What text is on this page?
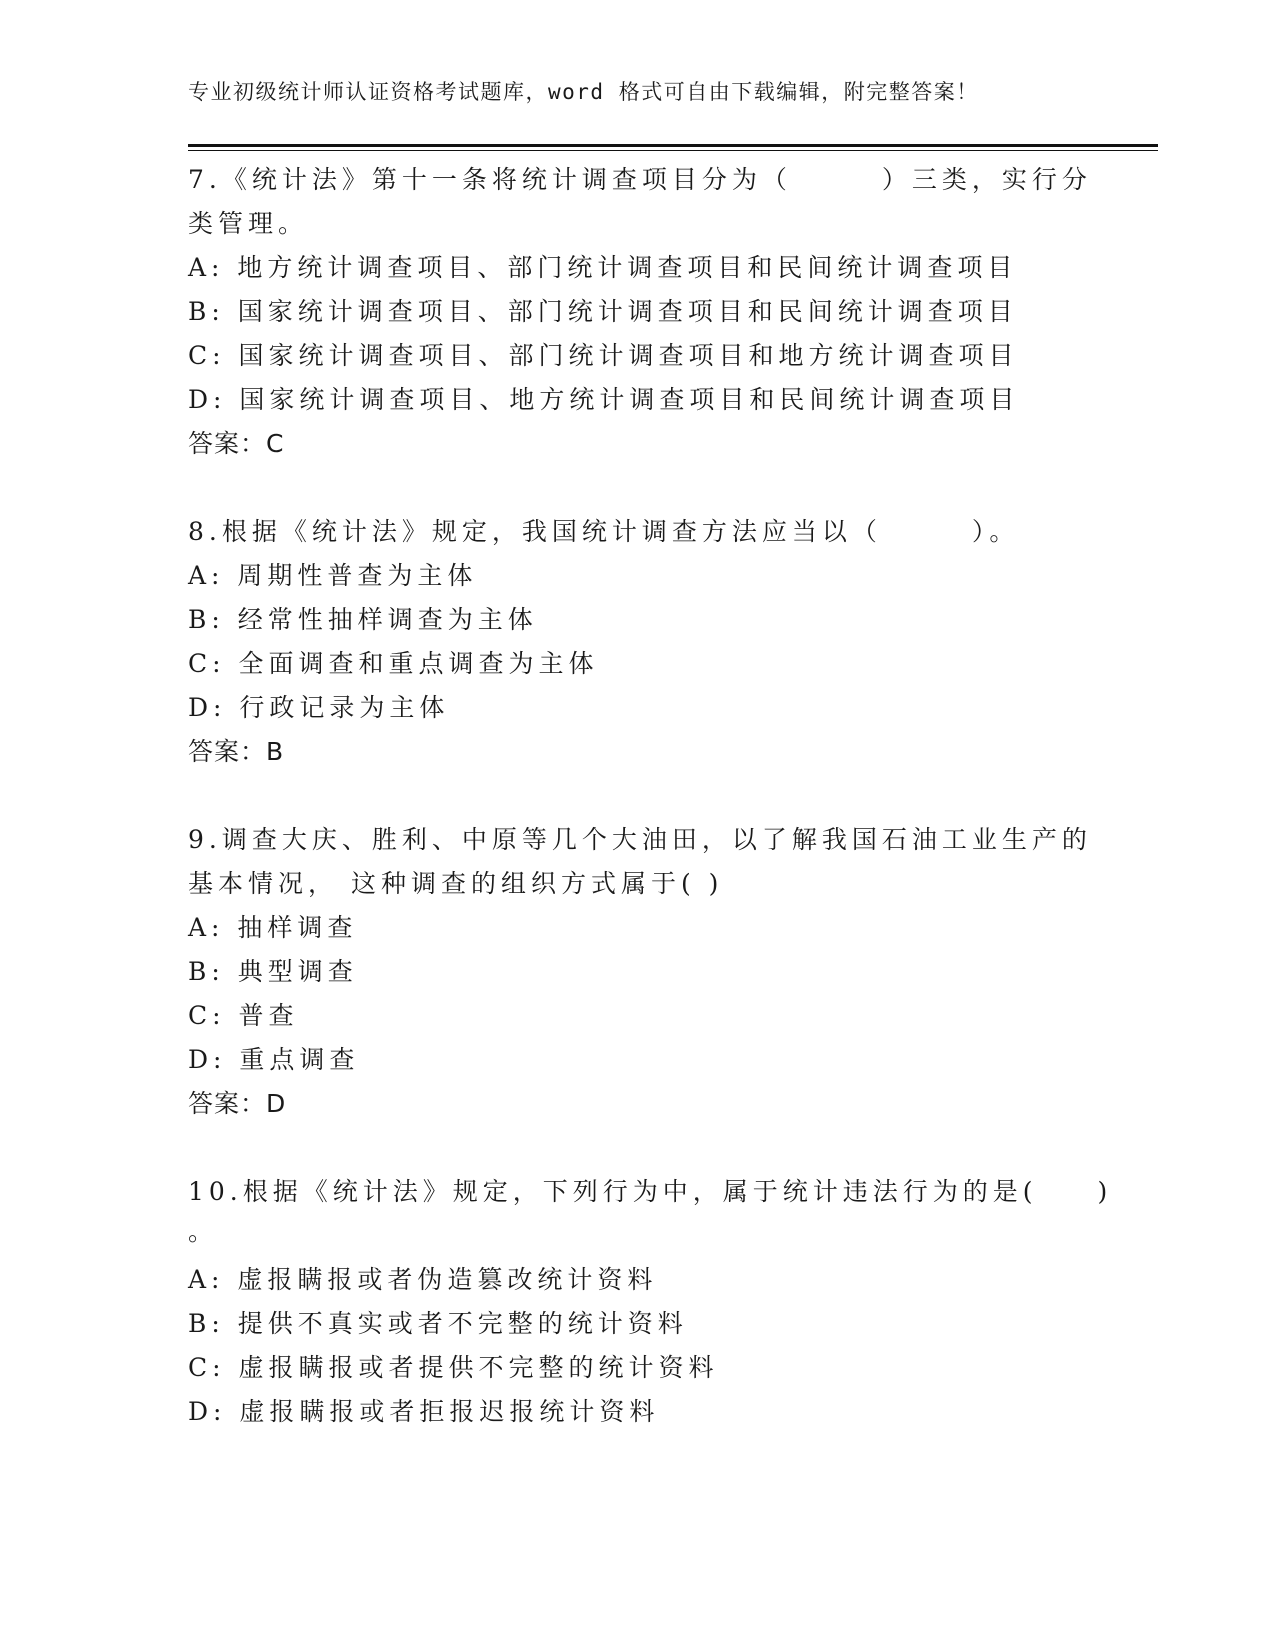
专业初级统计师认证资格考试题库，word 格式可自由下载编辑，附完整答案！
7.《统计法》第十一条将统计调查项目分为（　　　）三类，实行分
类管理。
A: 地方统计调查项目、部门统计调查项目和民间统计调查项目
B: 国家统计调查项目、部门统计调查项目和民间统计调查项目
C: 国家统计调查项目、部门统计调查项目和地方统计调查项目
D: 国家统计调查项目、地方统计调查项目和民间统计调查项目
答案：C
8.根据《统计法》规定，我国统计调查方法应当以（　　　）。
A: 周期性普查为主体
B: 经常性抽样调查为主体
C: 全面调查和重点调查为主体
D: 行政记录为主体
答案：B
9.调查大庆、胜利、中原等几个大油田，以了解我国石油工业生产的
基本情况， 这种调查的组织方式属于( )
A: 抽样调查
B: 典型调查
C: 普查
D: 重点调查
答案：D
10.根据《统计法》规定，下列行为中，属于统计违法行为的是(　　)
。
A: 虚报瞒报或者伪造篡改统计资料
B: 提供不真实或者不完整的统计资料
C: 虚报瞒报或者提供不完整的统计资料
D: 虚报瞒报或者拒报迟报统计资料
